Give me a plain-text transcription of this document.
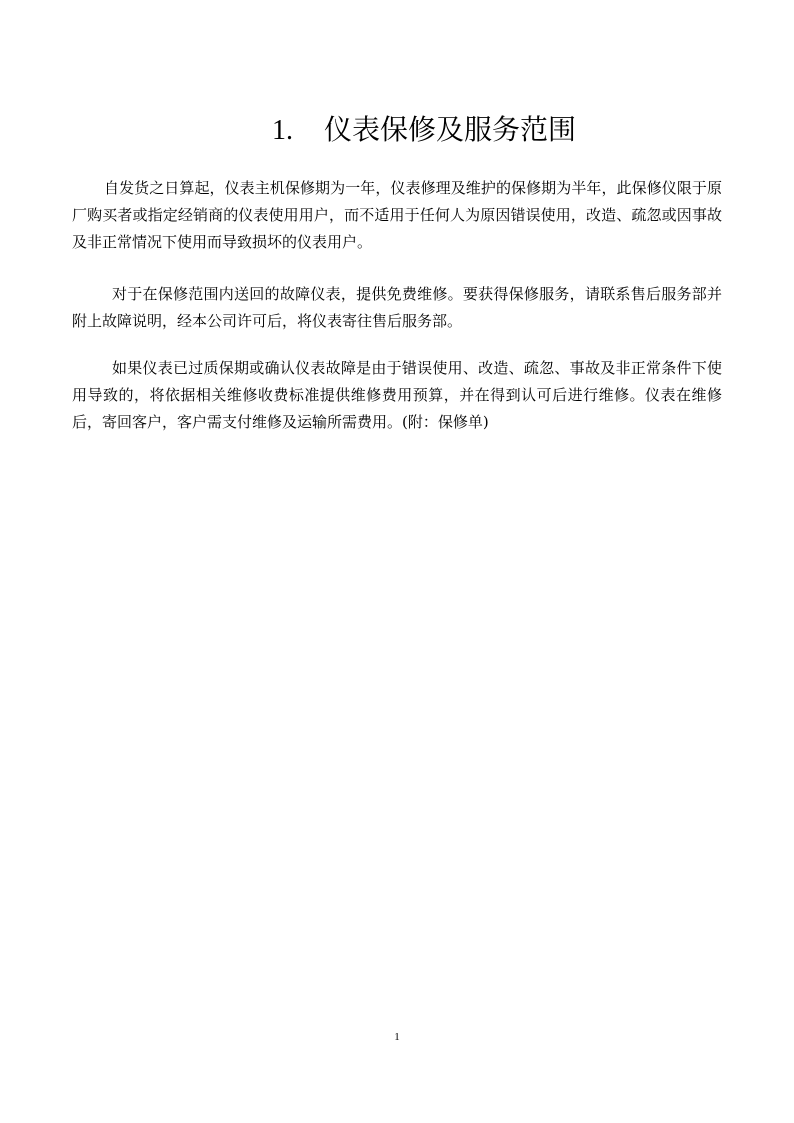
1. 仪表保修及服务范围

自发货之日算起，仪表主机保修期为一年，仪表修理及维护的保修期为半年，此保修仪限于原厂购买者或指定经销商的仪表使用用户，而不适用于任何人为原因错误使用，改造、疏忽或因事故及非正常情况下使用而导致损坏的仪表用户。

对于在保修范围内送回的故障仪表，提供免费维修。要获得保修服务，请联系售后服务部并附上故障说明，经本公司许可后，将仪表寄往售后服务部。

如果仪表已过质保期或确认仪表故障是由于错误使用、改造、疏忽、事故及非正常条件下使用导致的，将依据相关维修收费标准提供维修费用预算，并在得到认可后进行维修。仪表在维修后，寄回客户，客户需支付维修及运输所需费用。(附：保修单)

1
